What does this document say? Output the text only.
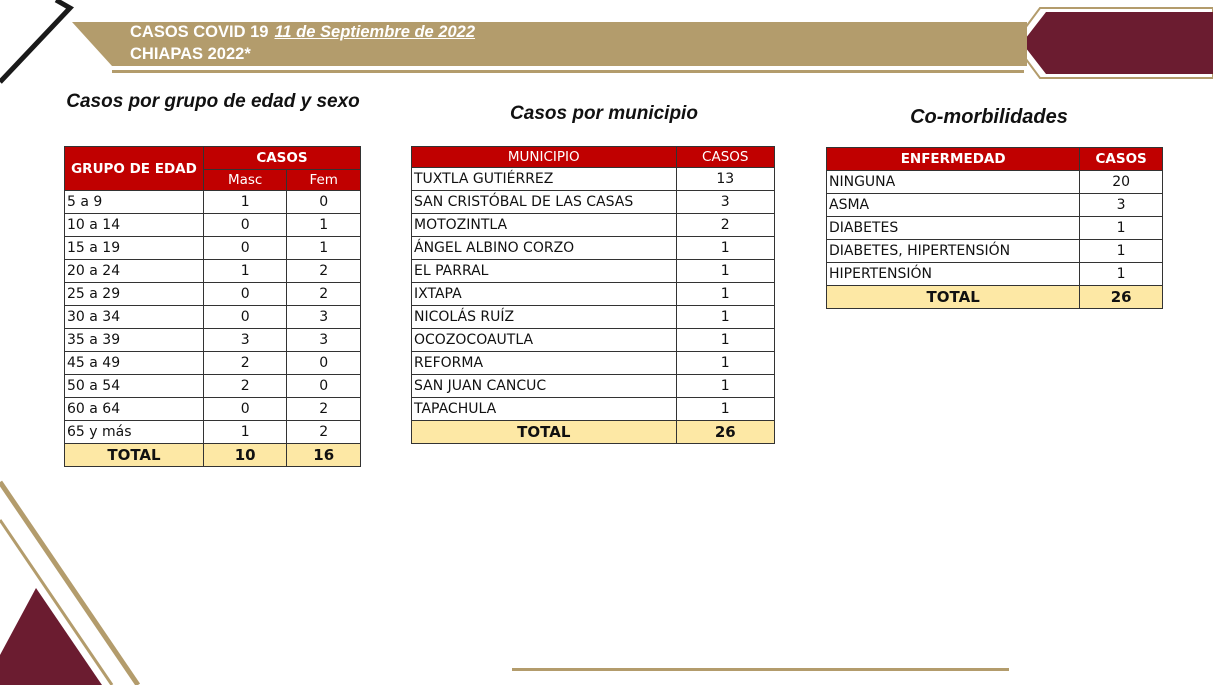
CASOS COVID 19 11 de Septiembre de 2022
CHIAPAS 2022*
Casos por grupo de edad y sexo
Casos por municipio	Co-morbilidades
GRUPO DE EDAD	CASOS	
	Masc	Fem
5 a 9	1	0
10 a 14	0	1
15 a 19	0	1
20 a 24	1	2
25 a 29	0	2
30 a 34	0	3
35 a 39	3	3
45 a 49	2	0
50 a 54	2	0
60 a 64	0	2
65 y más	1	2
TOTAL	10	16
MUNICIPIO	CASOS
TUXTLA GUTIÉRREZ	13
SAN CRISTÓBAL DE LAS CASAS	3
MOTOZINTLA	2
ÁNGEL ALBINO CORZO	1
EL PARRAL	1
IXTAPA	1
NICOLÁS RUÍZ	1
OCOZOCOAUTLA	1
REFORMA	1
SAN JUAN CANCUC	1
TAPACHULA	1
TOTAL	26
ENFERMEDAD	CASOS
NINGUNA	20
ASMA	3
DIABETES	1
DIABETES, HIPERTENSIÓN	1
HIPERTENSIÓN	1
TOTAL	26
